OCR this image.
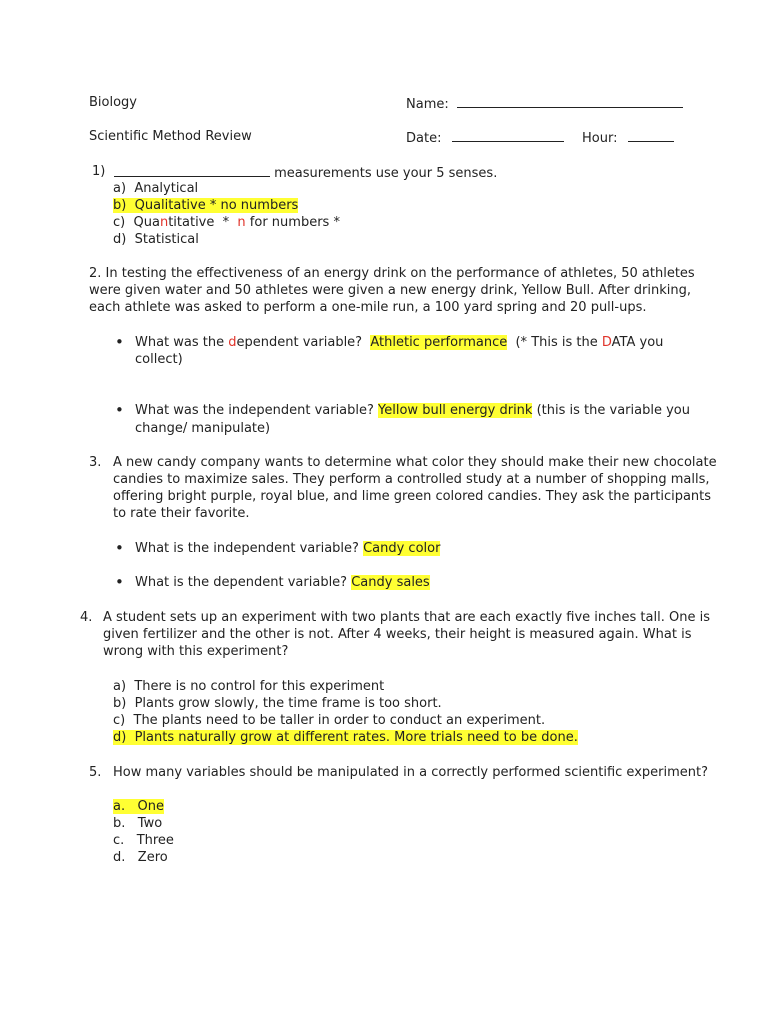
Biology	Name:
Scientific Method Review	Date:	Hour:
1)	measurements use your 5 senses.
a) Analytical
b) Qualitative * no numbers
c) Quantitative  *  n for numbers *
d) Statistical
2. In testing the effectiveness of an energy drink on the performance of athletes, 50 athletes
were given water and 50 athletes were given a new energy drink, Yellow Bull. After drinking,
each athlete was asked to perform a one-mile run, a 100 yard spring and 20 pull-ups.
• What was the dependent variable?  Athletic performance  (* This is the DATA you
collect)
• What was the independent variable? Yellow bull energy drink (this is the variable you
change/ manipulate)
3. A new candy company wants to determine what color they should make their new chocolate
candies to maximize sales. They perform a controlled study at a number of shopping malls,
offering bright purple, royal blue, and lime green colored candies. They ask the participants
to rate their favorite.
• What is the independent variable? Candy color
• What is the dependent variable? Candy sales
4. A student sets up an experiment with two plants that are each exactly five inches tall. One is
given fertilizer and the other is not. After 4 weeks, their height is measured again. What is
wrong with this experiment?
a) There is no control for this experiment
b) Plants grow slowly, the time frame is too short.
c) The plants need to be taller in order to conduct an experiment.
d) Plants naturally grow at different rates. More trials need to be done.
5. How many variables should be manipulated in a correctly performed scientific experiment?
a. One
b. Two
c. Three
d. Zero
